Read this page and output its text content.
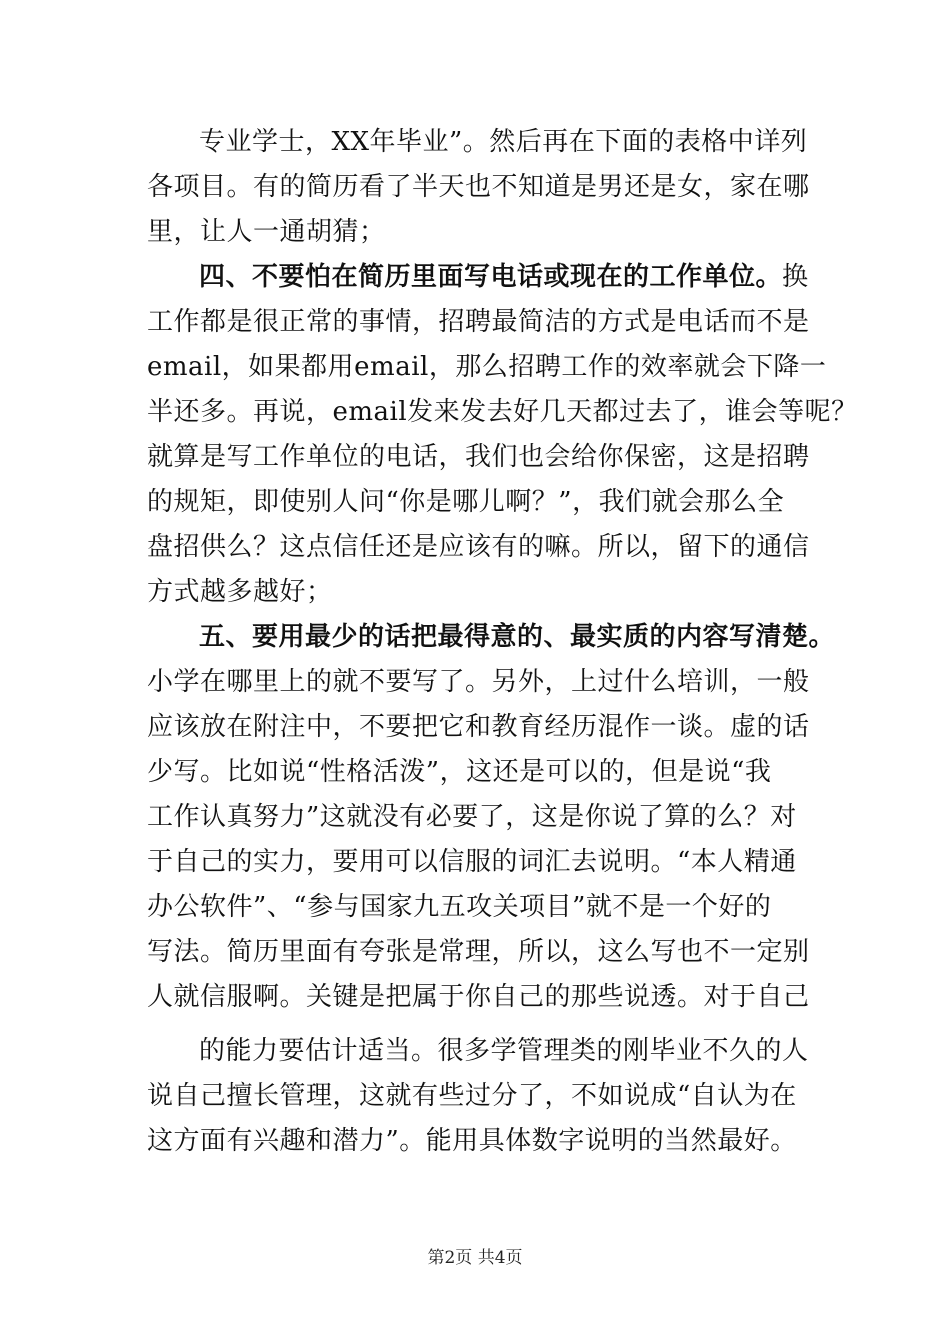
专业学士，XX年毕业”。然后再在下面的表格中详列
各项目。有的简历看了半天也不知道是男还是女，家在哪
里，让人一通胡猜；
四、不要怕在简历里面写电话或现在的工作单位。换
工作都是很正常的事情，招聘最简洁的方式是电话而不是
email，如果都用email，那么招聘工作的效率就会下降一
半还多。再说，email发来发去好几天都过去了，谁会等呢？
就算是写工作单位的电话，我们也会给你保密，这是招聘
的规矩，即使别人问“你是哪儿啊？”，我们就会那么全
盘招供么？这点信任还是应该有的嘛。所以，留下的通信
方式越多越好；
五、要用最少的话把最得意的、最实质的内容写清楚。
小学在哪里上的就不要写了。另外，上过什么培训，一般
应该放在附注中，不要把它和教育经历混作一谈。虚的话
少写。比如说“性格活泼”，这还是可以的，但是说“我
工作认真努力”这就没有必要了，这是你说了算的么？对
于自己的实力，要用可以信服的词汇去说明。“本人精通
办公软件”、“参与国家九五攻关项目”就不是一个好的
写法。简历里面有夸张是常理，所以，这么写也不一定别
人就信服啊。关键是把属于你自己的那些说透。对于自己
的能力要估计适当。很多学管理类的刚毕业不久的人
说自己擅长管理，这就有些过分了，不如说成“自认为在
这方面有兴趣和潜力”。能用具体数字说明的当然最好。
第2页 共4页
